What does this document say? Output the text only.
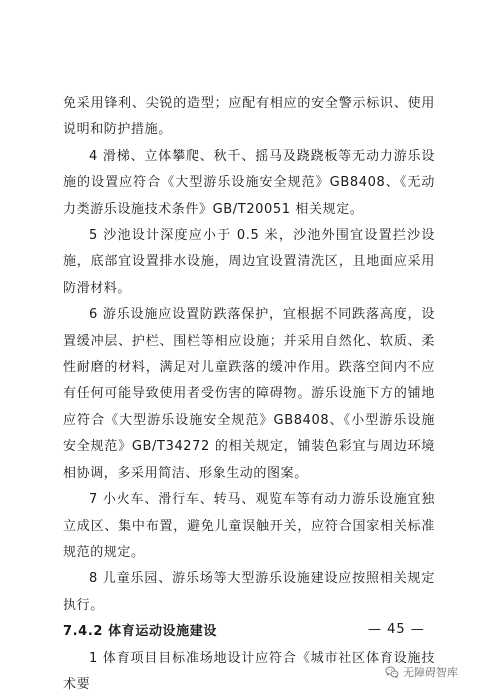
免采用锋利、尖锐的造型；应配有相应的安全警示标识、使用说明和防护措施。

4 滑梯、立体攀爬、秋千、摇马及跷跷板等无动力游乐设施的设置应符合《大型游乐设施安全规范》GB8408、《无动力类游乐设施技术条件》GB/T20051 相关规定。

5 沙池设计深度应小于 0.5 米，沙池外围宜设置拦沙设施，底部宜设置排水设施，周边宜设置清洗区，且地面应采用防滑材料。

6 游乐设施应设置防跌落保护，宜根据不同跌落高度，设置缓冲层、护栏、围栏等相应设施；并采用自然化、软质、柔性耐磨的材料，满足对儿童跌落的缓冲作用。跌落空间内不应有任何可能导致使用者受伤害的障碍物。游乐设施下方的铺地应符合《大型游乐设施安全规范》GB8408、《小型游乐设施安全规范》GB/T34272 的相关规定，铺装色彩宜与周边环境相协调，多采用简洁、形象生动的图案。

7 小火车、滑行车、转马、观览车等有动力游乐设施宜独立成区、集中布置，避免儿童误触开关，应符合国家相关标准规范的规定。

8 儿童乐园、游乐场等大型游乐设施建设应按照相关规定执行。

7.4.2 体育运动设施建设

1 体育项目目标准场地设计应符合《城市社区体育设施技术要

— 45 —
无障碍智库
